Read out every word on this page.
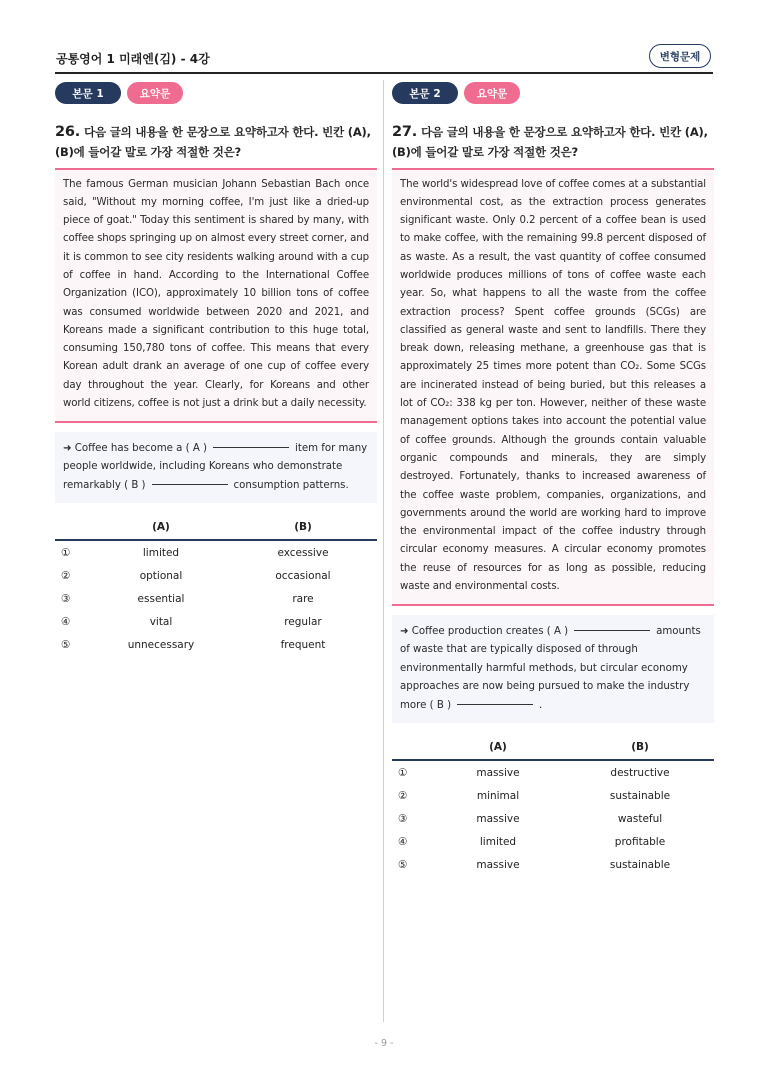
공통영어 1 미래엔(김) - 4강	변형문제
본문 1	요약문
26. 다음 글의 내용을 한 문장으로 요약하고자 한다. 빈칸 (A), (B)에 들어갈 말로 가장 적절한 것은?
The famous German musician Johann Sebastian Bach once said, "Without my morning coffee, I'm just like a dried-up piece of goat." Today this sentiment is shared by many, with coffee shops springing up on almost every street corner, and it is common to see city residents walking around with a cup of coffee in hand. According to the International Coffee Organization (ICO), approximately 10 billion tons of coffee was consumed worldwide between 2020 and 2021, and Koreans made a significant contribution to this huge total, consuming 150,780 tons of coffee. This means that every Korean adult drank an average of one cup of coffee every day throughout the year. Clearly, for Koreans and other world citizens, coffee is not just a drink but a daily necessity.
➜ Coffee has become a ( A )	item for many people worldwide, including Koreans who demonstrate remarkably ( B )	consumption patterns.
(A)	(B)
①	limited	excessive
②	optional	occasional
③	essential	rare
④	vital	regular
⑤	unnecessary	frequent
본문 2	요약문
27. 다음 글의 내용을 한 문장으로 요약하고자 한다. 빈칸 (A), (B)에 들어갈 말로 가장 적절한 것은?
The world's widespread love of coffee comes at a substantial environmental cost, as the extraction process generates significant waste. Only 0.2 percent of a coffee bean is used to make coffee, with the remaining 99.8 percent disposed of as waste. As a result, the vast quantity of coffee consumed worldwide produces millions of tons of coffee waste each year. So, what happens to all the waste from the coffee extraction process? Spent coffee grounds (SCGs) are classified as general waste and sent to landfills. There they break down, releasing methane, a greenhouse gas that is approximately 25 times more potent than CO₂. Some SCGs are incinerated instead of being buried, but this releases a lot of CO₂: 338 kg per ton. However, neither of these waste management options takes into account the potential value of coffee grounds. Although the grounds contain valuable organic compounds and minerals, they are simply destroyed. Fortunately, thanks to increased awareness of the coffee waste problem, companies, organizations, and governments around the world are working hard to improve the environmental impact of the coffee industry through circular economy measures. A circular economy promotes the reuse of resources for as long as possible, reducing waste and environmental costs.
➜ Coffee production creates ( A )	amounts of waste that are typically disposed of through environmentally harmful methods, but circular economy approaches are now being pursued to make the industry more ( B )	.
(A)	(B)
①	massive	destructive
②	minimal	sustainable
③	massive	wasteful
④	limited	profitable
⑤	massive	sustainable
- 9 -
